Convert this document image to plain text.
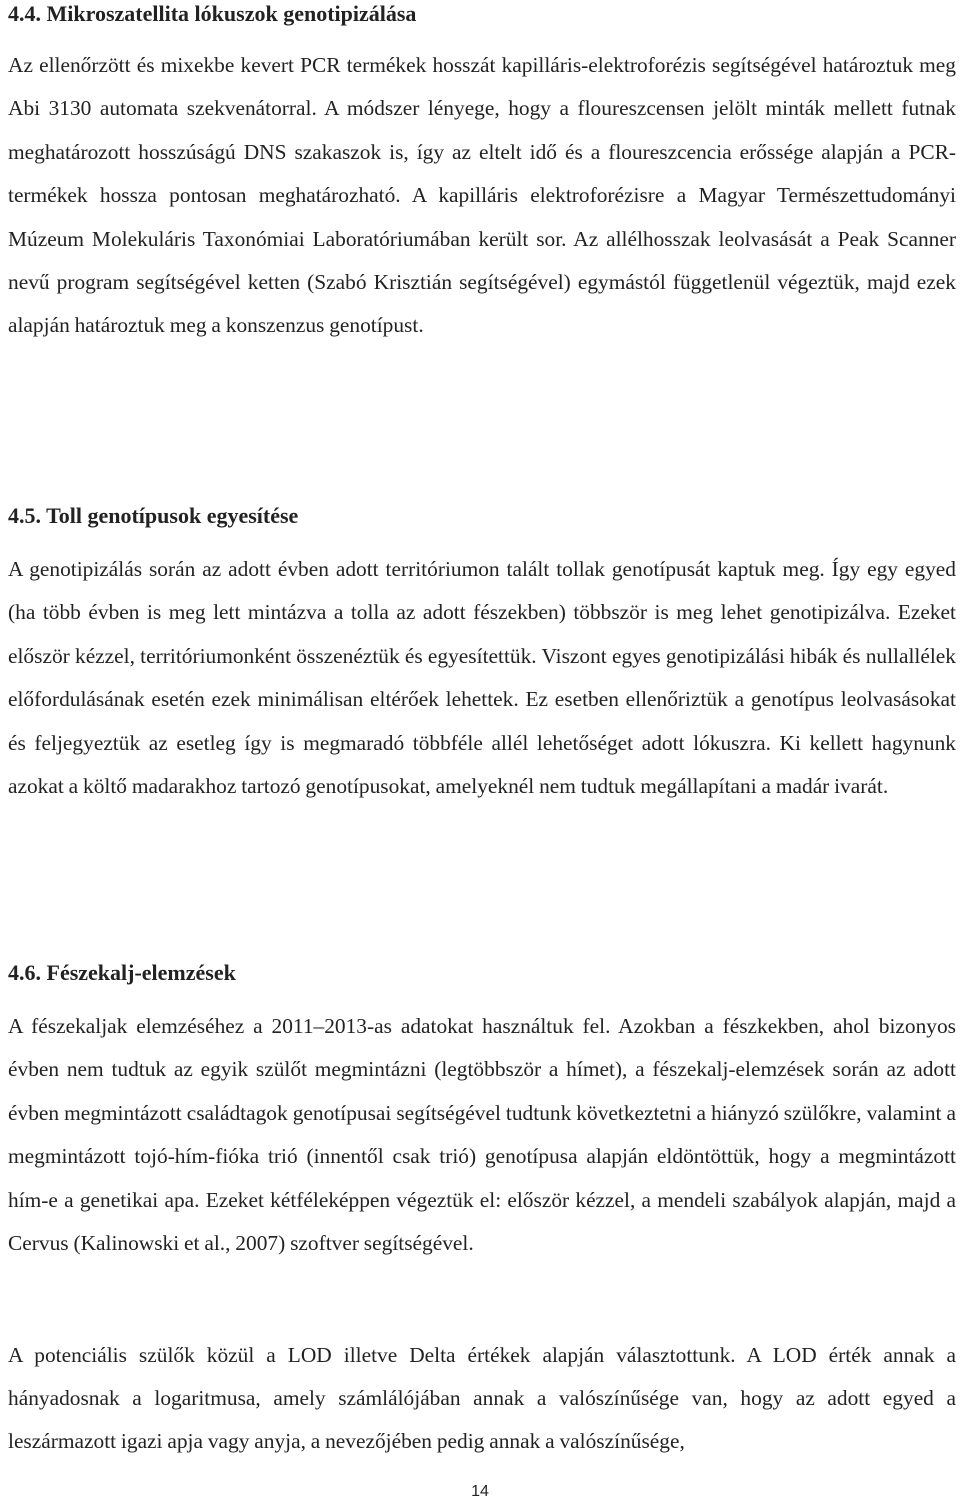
4.4. Mikroszatellita lókuszok genotipizálása

Az ellenőrzött és mixekbe kevert PCR termékek hosszát kapilláris-elektroforézis segítségével határoztuk meg Abi 3130 automata szekvenátorral. A módszer lényege, hogy a floureszcensen jelölt minták mellett futnak meghatározott hosszúságú DNS szakaszok is, így az eltelt idő és a floureszcencia erőssége alapján a PCR-termékek hossza pontosan meghatározható. A kapilláris elektroforézisre a Magyar Természettudományi Múzeum Molekuláris Taxonómiai Laboratóriumában került sor. Az allélhosszak leolvasását a Peak Scanner nevű program segítségével ketten (Szabó Krisztián segítségével) egymástól függetlenül végeztük, majd ezek alapján határoztuk meg a konszenzus genotípust.

4.5. Toll genotípusok egyesítése

A genotipizálás során az adott évben adott territóriumon talált tollak genotípusát kaptuk meg. Így egy egyed (ha több évben is meg lett mintázva a tolla az adott fészekben) többször is meg lehet genotipizálva. Ezeket először kézzel, territóriumonként összenéztük és egyesítettük. Viszont egyes genotipizálási hibák és nullallélek előfordulásának esetén ezek minimálisan eltérőek lehettek. Ez esetben ellenőriztük a genotípus leolvasásokat és feljegyeztük az esetleg így is megmaradó többféle allél lehetőséget adott lókuszra. Ki kellett hagynunk azokat a költő madarakhoz tartozó genotípusokat, amelyeknél nem tudtuk megállapítani a madár ivarát.

4.6. Fészekalj-elemzések

A fészekaljak elemzéséhez a 2011–2013-as adatokat használtuk fel. Azokban a fészkekben, ahol bizonyos évben nem tudtuk az egyik szülőt megmintázni (legtöbbször a hímet), a fészekalj-elemzések során az adott évben megmintázott családtagok genotípusai segítségével tudtunk következtetni a hiányzó szülőkre, valamint a megmintázott tojó-hím-fióka trió (innentől csak trió) genotípusa alapján eldöntöttük, hogy a megmintázott hím-e a genetikai apa. Ezeket kétféleképpen végeztük el: először kézzel, a mendeli szabályok alapján, majd a Cervus (Kalinowski et al., 2007) szoftver segítségével.

A potenciális szülők közül a LOD illetve Delta értékek alapján választottunk. A LOD érték annak a hányadosnak a logaritmusa, amely számlálójában annak a valószínűsége van, hogy az adott egyed a leszármazott igazi apja vagy anyja, a nevezőjében pedig annak a valószínűsége,

14
